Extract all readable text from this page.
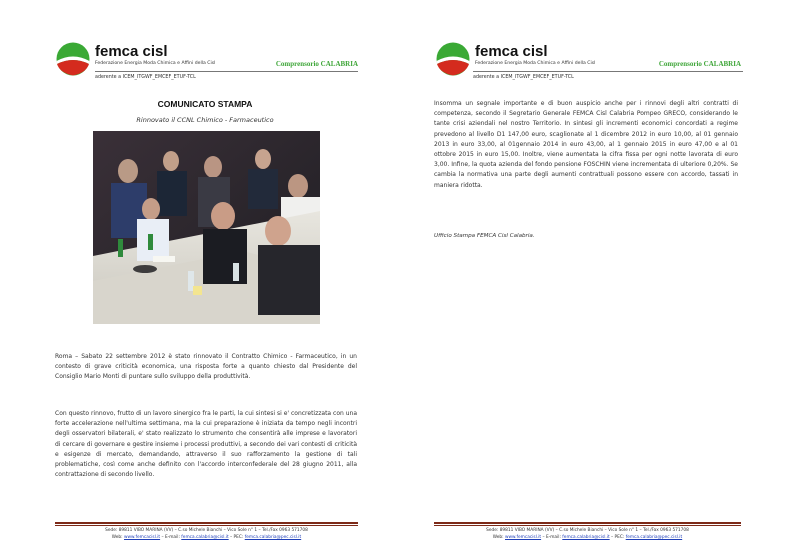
femca cisl
Federazione Energia Moda Chimica e Affini della Cisl	Comprensorio CALABRIA
aderente a ICEM_ITGWF_EMCEF_ETUF-TCL
COMUNICATO STAMPA
Rinnovato il CCNL Chimico - Farmaceutico

Roma – Sabato 22 settembre 2012 è stato rinnovato il Contratto Chimico - Farmaceutico, in un contesto di grave criticità economica, una risposta forte a quanto chiesto dal Presidente del Consiglio Mario Monti di puntare sullo sviluppo della produttività.

Con questo rinnovo, frutto di un lavoro sinergico fra le parti, la cui sintesi si e' concretizzata con una forte accelerazione nell'ultima settimana, ma la cui preparazione è iniziata da tempo negli incontri degli osservatori bilaterali, e' stato realizzato lo strumento che consentirà alle imprese e lavoratori di cercare di governare e gestire insieme i processi produttivi, a secondo dei vari contesti di criticità e esigenze di mercato, demandando, attraverso il suo rafforzamento la gestione di tali problematiche, così come anche definito con l'accordo interconfederale del 28 giugno 2011, alla contrattazione di secondo livello.

Sede: 89811 VIBO MARINA (VV) – C.so Michele Bianchi – Vico Sole n° 1 – Tel./Fax 0963 571708
Web: www.femcacisl.it – E-mail: femca.calabria@cisl.it – PEC: femca.calabria@pec.cisl.it
femca cisl
Federazione Energia Moda Chimica e Affini della Cisl	Comprensorio CALABRIA
aderente a ICEM_ITGWF_EMCEF_ETUF-TCL

Insomma un segnale importante e di buon auspicio anche per i rinnovi degli altri contratti di competenza, secondo il Segretario Generale FEMCA Cisl Calabria Pompeo GRECO, considerando le tante crisi aziendali nel nostro Territorio. In sintesi gli incrementi economici concordati a regime prevedono al livello D1 147,00 euro, scaglionate al 1 dicembre 2012 in euro 10,00, al 01 gennaio 2013 in euro 33,00, al 01gennaio 2014 in euro 43,00, al 1 gennaio 2015 in euro 47,00 e al 01 ottobre 2015 in euro 15,00. Inoltre, viene aumentata la cifra fissa per ogni notte lavorata di euro 3,00. Infine, la quota azienda del fondo pensione FOSCHIN viene incrementata di ulteriore 0,20%. Se cambia la normativa una parte degli aumenti contrattuali possono essere con accordo, tassati in maniera ridotta.

Ufficio Stampa FEMCA Cisl Calabria.
Sede: 89811 VIBO MARINA (VV) – C.so Michele Bianchi – Vico Sole n° 1 – Tel./Fax 0963 571708
Web: www.femcacisl.it – E-mail: femca.calabria@cisl.it – PEC: femca.calabria@pec.cisl.it
